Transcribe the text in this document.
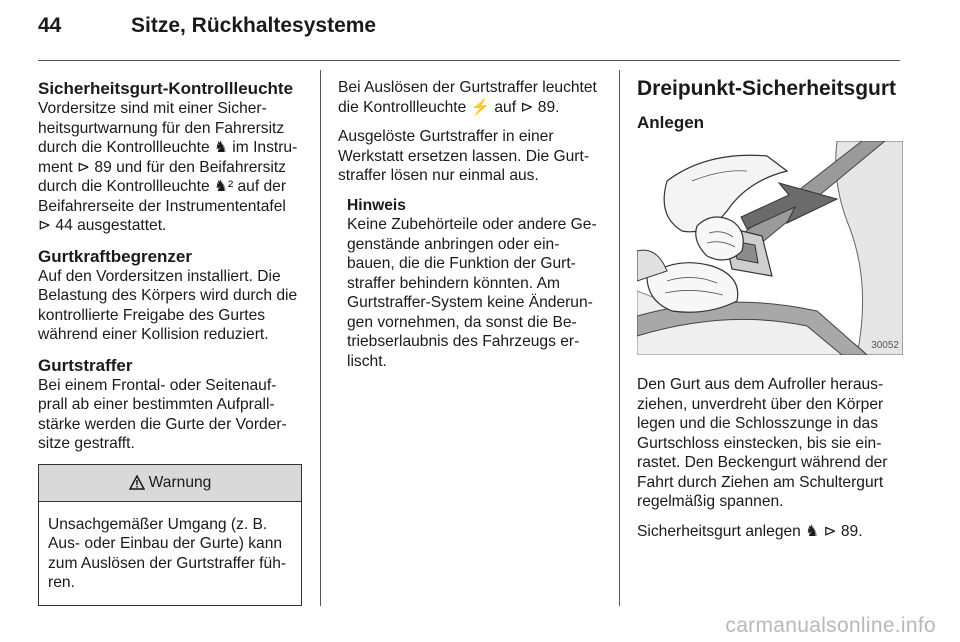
44	Sitze, Rückhaltesysteme
Sicherheitsgurt-Kontrollleuchte
Vordersitze sind mit einer Sicher-
heitsgurtwarnung für den Fahrersitz
durch die Kontrollleuchte ♞ im Instru-
ment ⊳ 89 und für den Beifahrersitz
durch die Kontrollleuchte ♞² auf der
Beifahrerseite der Instrumententafel
⊳ 44 ausgestattet.
Gurtkraftbegrenzer
Auf den Vordersitzen installiert. Die
Belastung des Körpers wird durch die
kontrollierte Freigabe des Gurtes
während einer Kollision reduziert.
Gurtstraffer
Bei einem Frontal- oder Seitenauf-
prall ab einer bestimmten Aufprall-
stärke werden die Gurte der Vorder-
sitze gestrafft.
Warnung
Unsachgemäßer Umgang (z. B.
Aus- oder Einbau der Gurte) kann
zum Auslösen der Gurtstraffer füh-
ren.
Bei Auslösen der Gurtstraffer leuchtet
die Kontrollleuchte ⚡ auf ⊳ 89.
Ausgelöste Gurtstraffer in einer
Werkstatt ersetzen lassen. Die Gurt-
straffer lösen nur einmal aus.
Hinweis
Keine Zubehörteile oder andere Ge-
genstände anbringen oder ein-
bauen, die die Funktion der Gurt-
straffer behindern könnten. Am
Gurtstraffer-System keine Änderun-
gen vornehmen, da sonst die Be-
triebserlaubnis des Fahrzeugs er-
lischt.
Dreipunkt-Sicherheitsgurt
Anlegen
30052
Den Gurt aus dem Aufroller heraus-
ziehen, unverdreht über den Körper
legen und die Schlosszunge in das
Gurtschloss einstecken, bis sie ein-
rastet. Den Beckengurt während der
Fahrt durch Ziehen am Schultergurt
regelmäßig spannen.
Sicherheitsgurt anlegen ♞ ⊳ 89.
carmanualsonline.info
